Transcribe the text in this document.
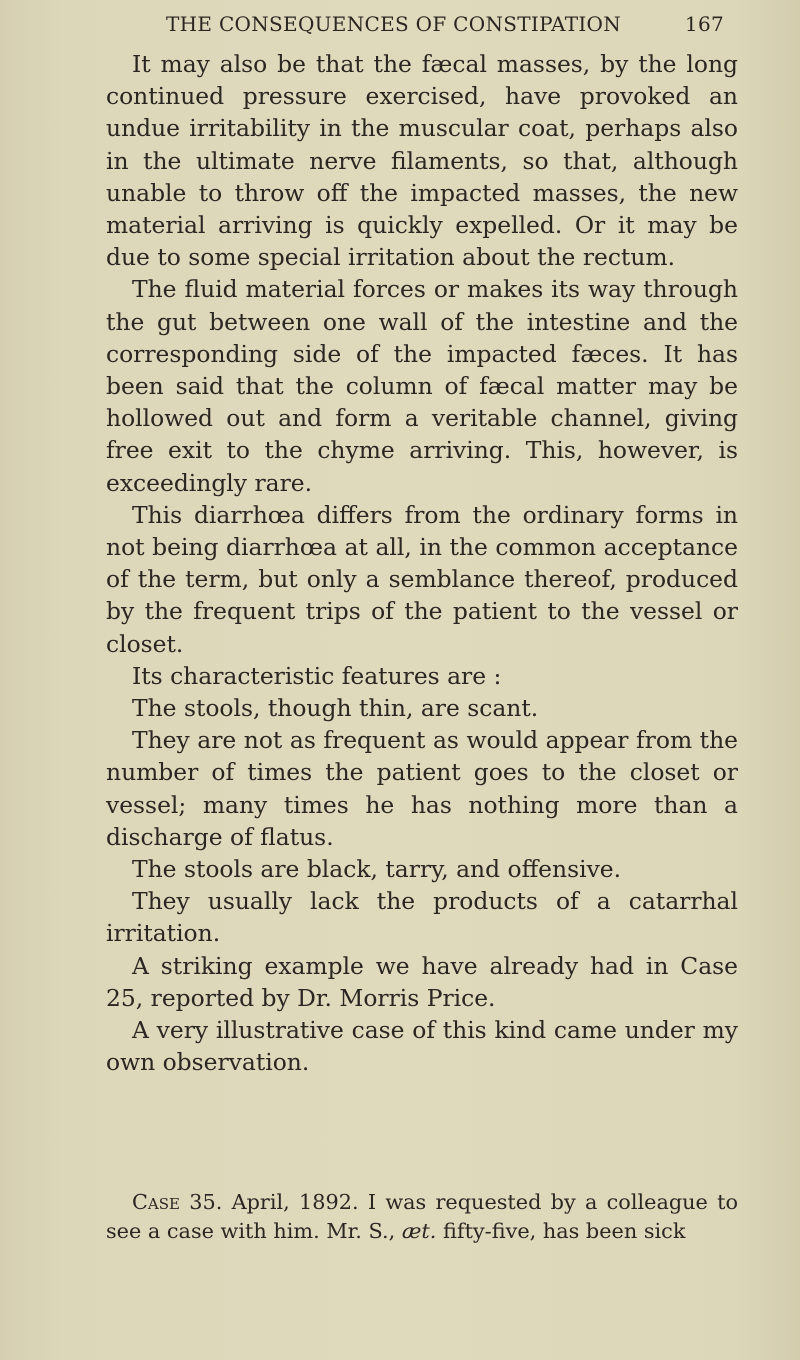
THE CONSEQUENCES OF CONSTIPATION	167

It may also be that the fæcal masses, by the long continued pressure exercised, have provoked an undue irritability in the muscular coat, perhaps also in the ultimate nerve filaments, so that, although unable to throw off the impacted masses, the new material arriving is quickly expelled. Or it may be due to some special irritation about the rectum.

The fluid material forces or makes its way through the gut between one wall of the intestine and the corresponding side of the impacted fæces. It has been said that the column of fæcal matter may be hollowed out and form a veritable channel, giving free exit to the chyme arriving. This, however, is exceedingly rare.

This diarrhœa differs from the ordinary forms in not being diarrhœa at all, in the common acceptance of the term, but only a semblance thereof, produced by the frequent trips of the patient to the vessel or closet.

Its characteristic features are :

The stools, though thin, are scant.

They are not as frequent as would appear from the number of times the patient goes to the closet or vessel; many times he has nothing more than a discharge of flatus.

The stools are black, tarry, and offensive.

They usually lack the products of a catarrhal irritation.

A striking example we have already had in Case 25, reported by Dr. Morris Price.

A very illustrative case of this kind came under my own observation.

Case 35. April, 1892. I was requested by a colleague to see a case with him. Mr. S., æt. fifty-five, has been sick
